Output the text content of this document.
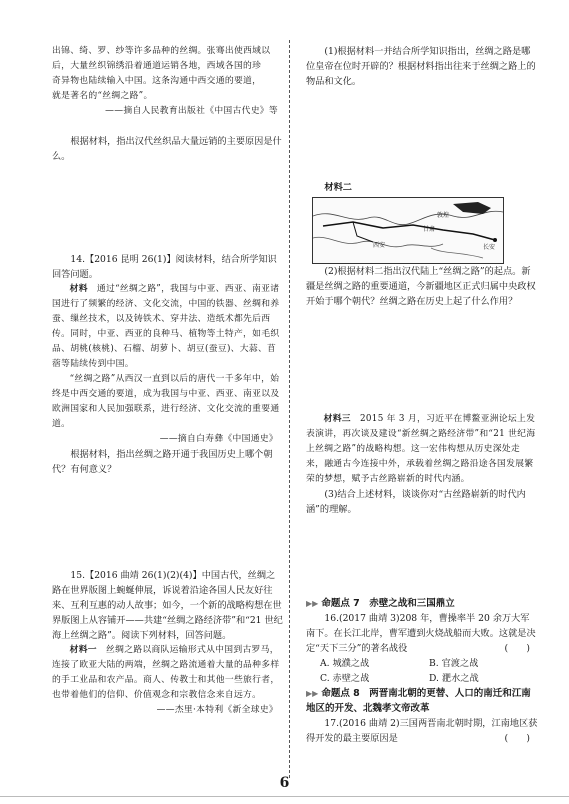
出锦、绮、罗、纱等许多品种的丝绸。张骞出使西域以

后，大量丝织锦绣沿着通道运销各地，西域各国的珍

奇异物也陆续输入中国。这条沟通中西交通的要道，

就是著名的“丝绸之路”。

——摘自人民教育出版社《中国古代史》等

根据材料，指出汉代丝织品大量远销的主要原因是什么。

14.【2016 昆明 26(1)】阅读材料，结合所学知识回答问题。

材料　 通过“丝绸之路”，我国与中亚、西亚、南亚诸国进行了频繁的经济、文化交流，中国的铁器、丝绸和养蚕、缫丝技术，以及铸铁术、穿井法、造纸术都先后西传。同时，中亚、西亚的良种马、植物等土特产，如毛织品、胡桃(核桃)、石榴、胡萝卜、胡豆(蚕豆)、大蒜、苜蓿等陆续传到中国。

“丝绸之路”从西汉一直到以后的唐代一千多年中，始终是中西交通的要道，成为我国与中亚、西亚、南亚以及欧洲国家和人民加强联系，进行经济、文化交流的重要通道。

——摘自白寿彝《中国通史》

根据材料，指出丝绸之路开通于我国历史上哪个朝代？有何意义？

15.【2016 曲靖 26(1)(2)(4)】中国古代，丝绸之路在世界版图上蜿蜒伸展，诉说着沿途各国人民友好往来、互利互惠的动人故事；如今，一个新的战略构想在世界版图上从容铺开——共建“丝绸之路经济带”和“21 世纪海上丝绸之路”。阅读下列材料，回答问题。

材料一　 丝绸之路以商队运输形式从中国到古罗马，连接了欧亚大陆的两端，丝绸之路流通着大量的品种多样的手工业品和农产品。商人、传教士和其他一些旅行者，也带着他们的信仰、价值观念和宗教信念来自远方。

——杰里·本特利《新全球史》

(1)根据材料一并结合所学知识指出，丝绸之路是哪位皇帝在位时开辟的？根据材料指出往来于丝绸之路上的物品和文化。

材料二

(2)根据材料二指出汉代陆上“丝绸之路”的起点。新疆是丝绸之路的重要通道，今新疆地区正式归属中央政权开始于哪个朝代？丝绸之路在历史上起了什么作用？

材料三　 2015 年 3 月，习近平在博鳌亚洲论坛上发表演讲，再次谈及建设“新丝绸之路经济带”和“21 世纪海上丝绸之路”的战略构想。这一宏伟构想从历史深处走来，融通古今连接中外，承载着丝绸之路沿途各国发展繁荣的梦想，赋予古丝路崭新的时代内涵。

(3)结合上述材料，谈谈你对“古丝路崭新的时代内涵”的理解。

▶▶ 命题点 7　赤壁之战和三国鼎立

16.(2017 曲靖 3)208 年，曹操率半 20 余万大军南下。在长江北岸，曹军遭到火烧战船而大败。这就是决定“天下三分”的著名战役	(　　)

A. 城濮之战	B. 官渡之战
C. 赤壁之战	D. 淝水之战

▶▶ 命题点 8　两晋南北朝的更替、人口的南迁和江南地区的开发、北魏孝文帝改革

17.(2016 曲靖 2)三国两晋南北朝时期，江南地区获得开发的最主要原因是	(　　)

甘肃
西安	长安
敦煌
6
